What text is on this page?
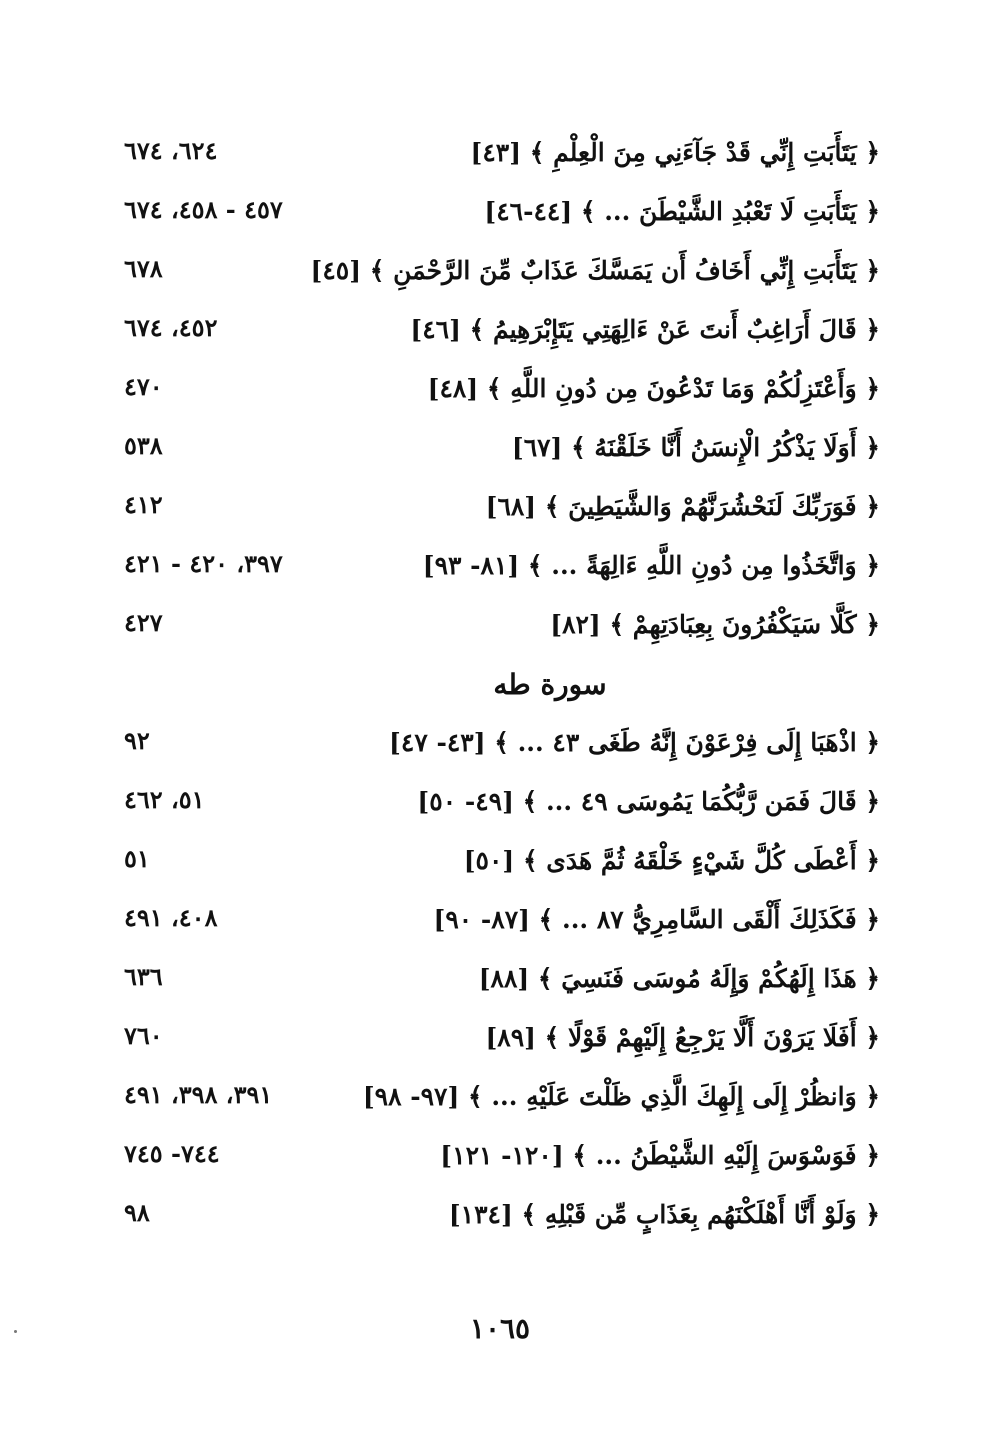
﴿ يَتَأَبَتِ إِنِّي قَدْ جَآءَنِي مِنَ الْعِلْمِ ﴾ [٤٣]
٦٢٤، ٦٧٤
﴿ يَتَأَبَتِ لَا تَعْبُدِ الشَّيْطَنَ ... ﴾ [٤٤-٤٦]
٤٥٧ - ٤٥٨، ٦٧٤
﴿ يَتَأَبَتِ إِنِّي أَخَافُ أَن يَمَسَّكَ عَذَابٌ مِّنَ الرَّحْمَنِ ﴾ [٤٥]
٦٧٨
﴿ قَالَ أَرَاغِبٌ أَنتَ عَنْ ءَالِهَتِي يَتَإِبْرَهِيمُ ﴾ [٤٦]
٤٥٢، ٦٧٤
﴿ وَأَعْتَزِلُكُمْ وَمَا تَدْعُونَ مِن دُونِ اللَّهِ ﴾ [٤٨]
٤٧٠
﴿ أَوَلَا يَذْكُرُ الْإِنسَنُ أَنَّا خَلَقْنَهُ ﴾ [٦٧]
٥٣٨
﴿ فَوَرَبِّكَ لَنَحْشُرَنَّهُمْ وَالشَّيَطِينَ ﴾ [٦٨]
٤١٢
﴿ وَاتَّخَذُوا مِن دُونِ اللَّهِ ءَالِهَةً ... ﴾ [٨١- ٩٣]
٣٩٧، ٤٢٠ - ٤٢١
﴿ كَلَّا سَيَكْفُرُونَ بِعِبَادَتِهِمْ ﴾ [٨٢]
٤٢٧
سورة طه
﴿ اذْهَبَا إِلَى فِرْعَوْنَ إِنَّهُ طَغَى ٤٣ ... ﴾ [٤٣- ٤٧]
٩٢
﴿ قَالَ فَمَن رَّبُّكُمَا يَمُوسَى ٤٩ ... ﴾ [٤٩- ٥٠]
٥١، ٤٦٢
﴿ أَعْطَى كُلَّ شَيْءٍ خَلْقَهُ ثُمَّ هَدَى ﴾ [٥٠]
٥١
﴿ فَكَذَلِكَ أَلْقَى السَّامِرِيُّ ٨٧ ... ﴾ [٨٧- ٩٠]
٤٠٨، ٤٩١
﴿ هَذَا إِلَهُكُمْ وَإِلَهُ مُوسَى فَنَسِيَ ﴾ [٨٨]
٦٣٦
﴿ أَفَلَا يَرَوْنَ أَلَّا يَرْجِعُ إِلَيْهِمْ قَوْلًا ﴾ [٨٩]
٧٦٠
﴿ وَانظُرْ إِلَى إِلَهِكَ الَّذِي ظَلْتَ عَلَيْهِ ... ﴾ [٩٧- ٩٨]
٣٩١، ٣٩٨، ٤٩١
﴿ فَوَسْوَسَ إِلَيْهِ الشَّيْطَنُ ... ﴾ [١٢٠- ١٢١]
٧٤٤- ٧٤٥
﴿ وَلَوْ أَنَّا أَهْلَكْنَهُم بِعَذَابٍ مِّن قَبْلِهِ ﴾ [١٣٤]
٩٨
١٠٦٥
